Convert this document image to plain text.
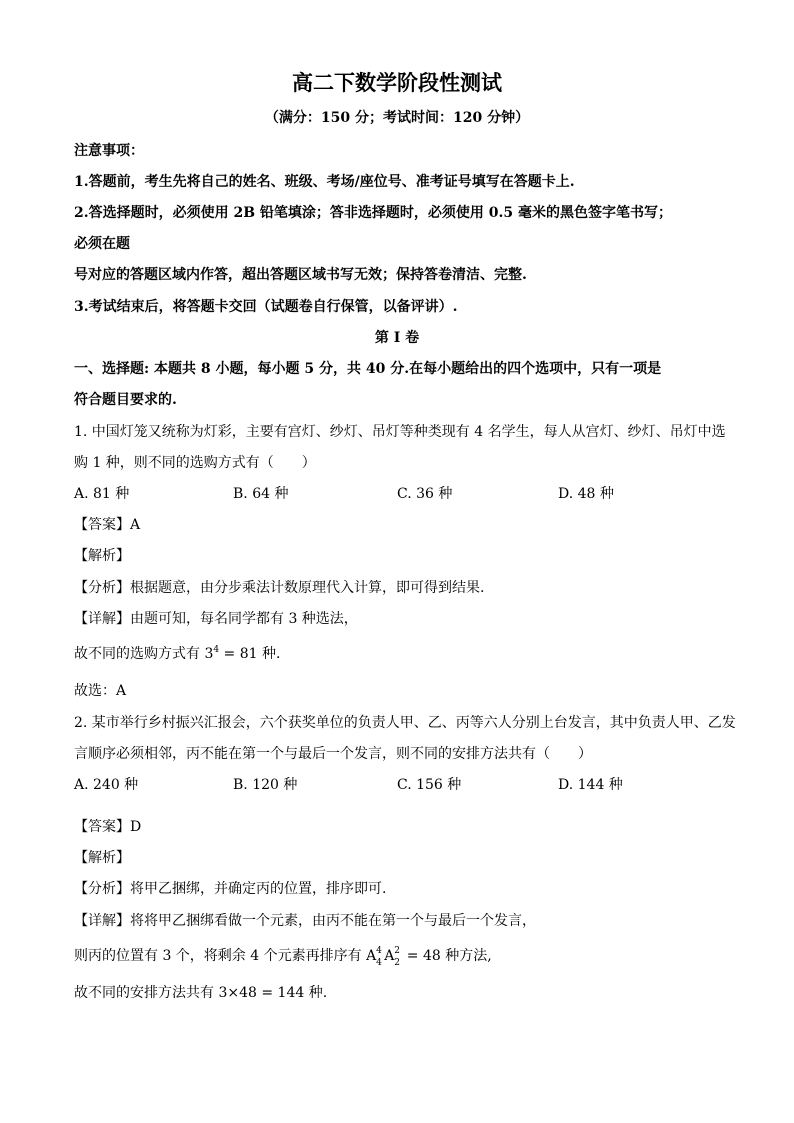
高二下数学阶段性测试
（满分：150 分；考试时间：120 分钟）
注意事项：
1.答题前，考生先将自己的姓名、班级、考场/座位号、准考证号填写在答题卡上.
2.答选择题时，必须使用 2B 铅笔填涂；答非选择题时，必须使用 0.5 毫米的黑色签字笔书写；
必须在题
号对应的答题区域内作答，超出答题区域书写无效；保持答卷清洁、完整.
3.考试结束后，将答题卡交回（试题卷自行保管，以备评讲）.
第 I 卷
一、选择题: 本题共 8 小题，每小题 5 分，共 40 分.在每小题给出的四个选项中，只有一项是
符合题目要求的.
1. 中国灯笼又统称为灯彩，主要有宫灯、纱灯、吊灯等种类现有 4 名学生，每人从宫灯、纱灯、吊灯中选
购 1 种，则不同的选购方式有（　　）
A. 81 种	B. 64 种	C. 36 种	D. 48 种
【答案】A
【解析】
【分析】根据题意，由分步乘法计数原理代入计算，即可得到结果.
【详解】由题可知，每名同学都有 3 种选法，
故不同的选购方式有 $3^4 = 81$ 种.
故选：A
2. 某市举行乡村振兴汇报会，六个获奖单位的负责人甲、乙、丙等六人分别上台发言，其中负责人甲、乙发
言顺序必须相邻，丙不能在第一个与最后一个发言，则不同的安排方法共有（　　）
A. 240 种	B. 120 种	C. 156 种	D. 144 种
【答案】D
【解析】
【分析】将甲乙捆绑，并确定丙的位置，排序即可.
【详解】将将甲乙捆绑看做一个元素，由丙不能在第一个与最后一个发言，
则丙的位置有 3 个，将剩余 4 个元素再排序有 A 4
4 A 2
2 = 48 种方法,
故不同的安排方法共有 3×48 = 144 种.
